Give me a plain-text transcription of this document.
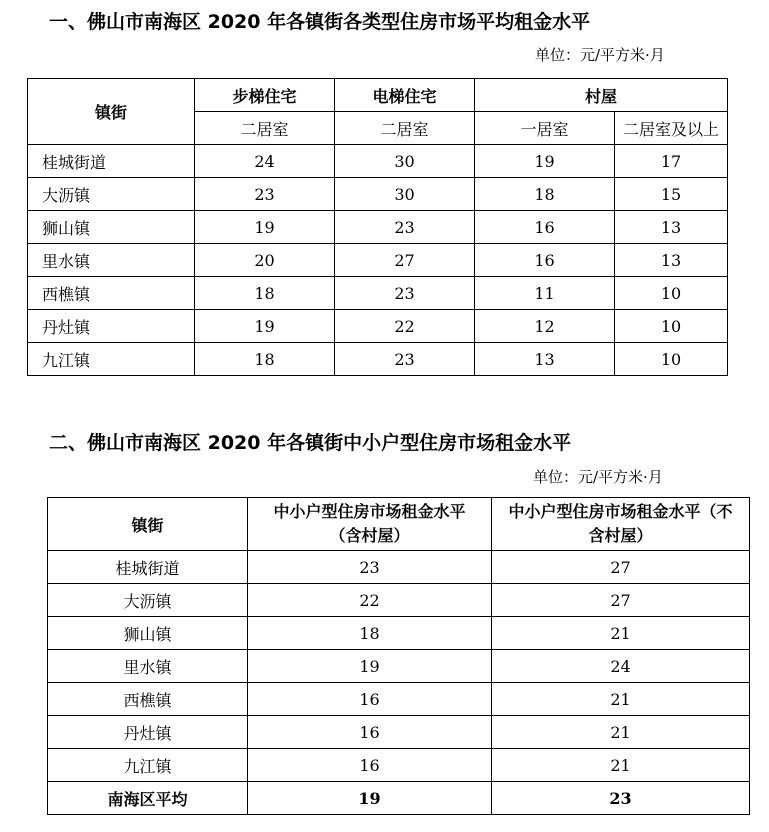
一、佛山市南海区 2020 年各镇街各类型住房市场平均租金水平
单位：元/平方米·月
镇街	步梯住宅	电梯住宅	村屋	
	二居室	二居室	一居室	二居室及以上
桂城街道	24	30	19	17
大沥镇	23	30	18	15
狮山镇	19	23	16	13
里水镇	20	27	16	13
西樵镇	18	23	11	10
丹灶镇	19	22	12	10
九江镇	18	23	13	10
二、佛山市南海区 2020 年各镇街中小户型住房市场租金水平
单位：元/平方米·月
镇街	中小户型住房市场租金水平（含村屋）	中小户型住房市场租金水平（不含村屋）
桂城街道	23	27
大沥镇	22	27
狮山镇	18	21
里水镇	19	24
西樵镇	16	21
丹灶镇	16	21
九江镇	16	21
南海区平均	19	23
